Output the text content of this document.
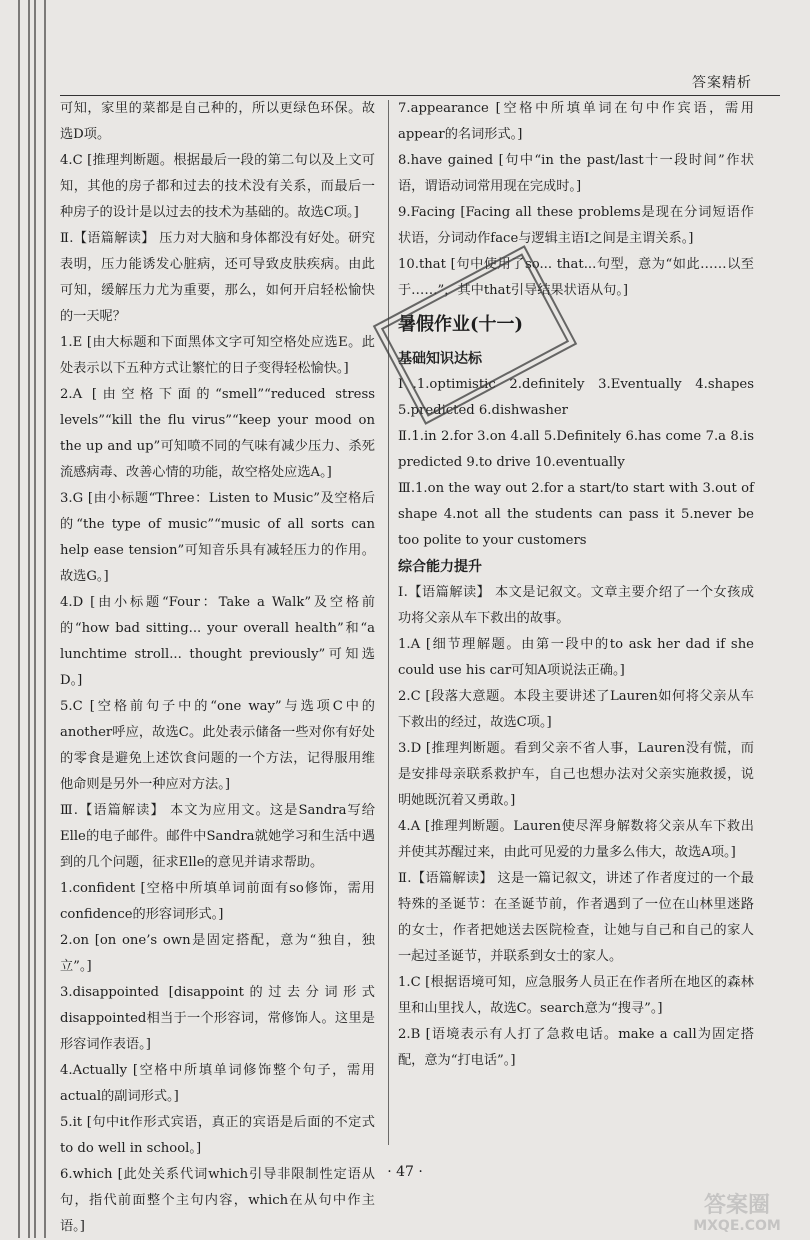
答案精析

可知，家里的菜都是自己种的，所以更绿色环保。故选D项。

4.C [推理判断题。根据最后一段的第二句以及上文可知，其他的房子都和过去的技术没有关系，而最后一种房子的设计是以过去的技术为基础的。故选C项。]

Ⅱ.【语篇解读】 压力对大脑和身体都没有好处。研究表明，压力能诱发心脏病，还可导致皮肤疾病。由此可知，缓解压力尤为重要，那么，如何开启轻松愉快的一天呢？

1.E [由大标题和下面黑体文字可知空格处应选E。此处表示以下五种方式让繁忙的日子变得轻松愉快。]

2.A [由空格下面的“smell”“reduced stress levels”“kill the flu virus”“keep your mood on the up and up”可知喷不同的气味有减少压力、杀死流感病毒、改善心情的功能，故空格处应选A。]

3.G [由小标题“Three：Listen to Music”及空格后的“the type of music”“music of all sorts can help ease tension”可知音乐具有减轻压力的作用。故选G。]

4.D [由小标题“Four：Take a Walk”及空格前的“how bad sitting... your overall health”和“a lunchtime stroll... thought previously”可知选D。]

5.C [空格前句子中的“one way”与选项C中的another呼应，故选C。此处表示储备一些对你有好处的零食是避免上述饮食问题的一个方法，记得服用维他命则是另外一种应对方法。]

Ⅲ.【语篇解读】 本文为应用文。这是Sandra写给Elle的电子邮件。邮件中Sandra就她学习和生活中遇到的几个问题，征求Elle的意见并请求帮助。

1.confident [空格中所填单词前面有so修饰，需用confidence的形容词形式。]

2.on [on one’s own是固定搭配，意为“独自，独立”。]

3.disappointed [disappoint的过去分词形式disappointed相当于一个形容词，常修饰人。这里是形容词作表语。]

4.Actually [空格中所填单词修饰整个句子，需用actual的副词形式。]

5.it [句中it作形式宾语，真正的宾语是后面的不定式to do well in school。]

6.which [此处关系代词which引导非限制性定语从句，指代前面整个主句内容，which在从句中作主语。]

7.appearance [空格中所填单词在句中作宾语，需用appear的名词形式。]

8.have gained [句中“in the past/last十一段时间”作状语，谓语动词常用现在完成时。]

9.Facing [Facing all these problems是现在分词短语作状语，分词动作face与逻辑主语I之间是主谓关系。]

10.that [句中使用了so... that...句型，意为“如此……以至于……”，其中that引导结果状语从句。]

暑假作业(十一)

基础知识达标

Ⅰ.1.optimistic 2.definitely 3.Eventually 4.shapes 5.predicted 6.dishwasher

Ⅱ.1.in 2.for 3.on 4.all 5.Definitely 6.has come 7.a 8.is predicted 9.to drive 10.eventually

Ⅲ.1.on the way out 2.for a start/to start with 3.out of shape 4.not all the students can pass it 5.never be too polite to your customers

综合能力提升

Ⅰ.【语篇解读】 本文是记叙文。文章主要介绍了一个女孩成功将父亲从车下救出的故事。

1.A [细节理解题。由第一段中的to ask her dad if she could use his car可知A项说法正确。]

2.C [段落大意题。本段主要讲述了Lauren如何将父亲从车下救出的经过，故选C项。]

3.D [推理判断题。看到父亲不省人事，Lauren没有慌，而是安排母亲联系救护车，自己也想办法对父亲实施救援，说明她既沉着又勇敢。]

4.A [推理判断题。Lauren使尽浑身解数将父亲从车下救出并使其苏醒过来，由此可见爱的力量多么伟大，故选A项。]

Ⅱ.【语篇解读】 这是一篇记叙文，讲述了作者度过的一个最特殊的圣诞节：在圣诞节前，作者遇到了一位在山林里迷路的女士，作者把她送去医院检查，让她与自己和自己的家人一起过圣诞节，并联系到女士的家人。

1.C [根据语境可知，应急服务人员正在作者所在地区的森林里和山里找人，故选C。search意为“搜寻”。]

2.B [语境表示有人打了急救电话。make a call为固定搭配，意为“打电话”。]

· 47 ·
答案圈
MXQE.COM
